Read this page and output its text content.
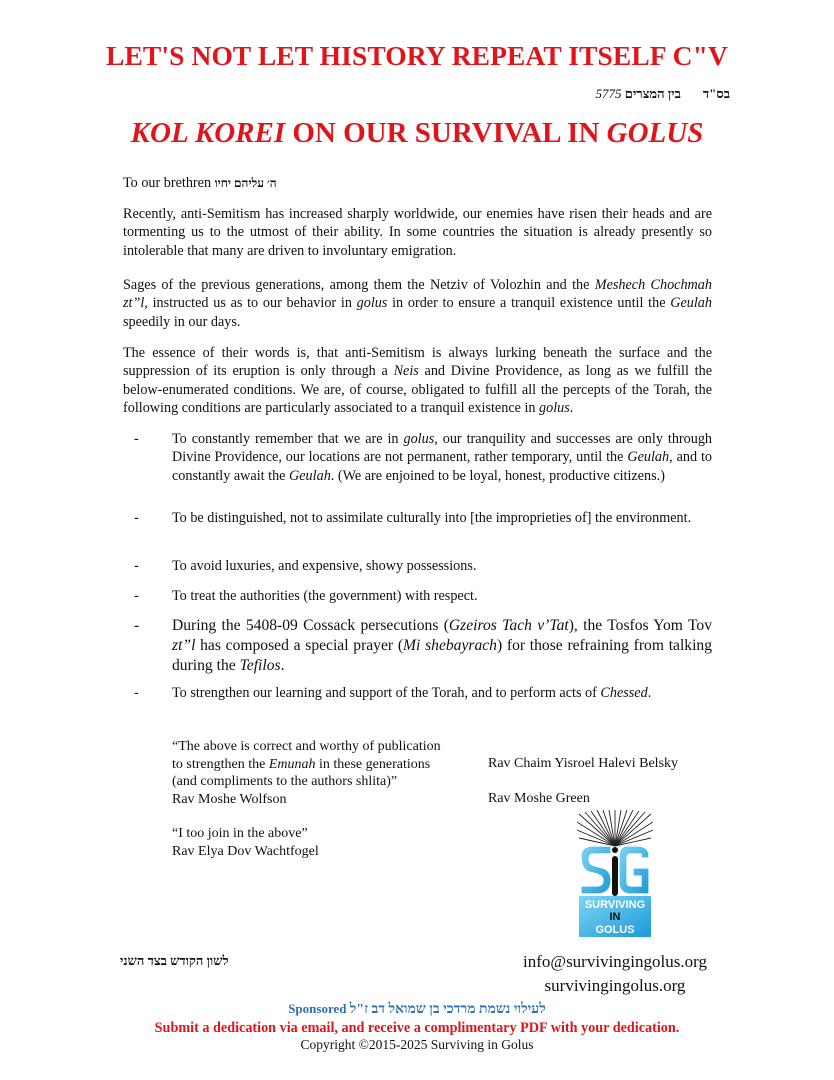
LET'S NOT LET HISTORY REPEAT ITSELF C"V
בס"דבין המצרים 5775
KOL KOREI ON OUR SURVIVAL IN GOLUS
To our brethren ה׳ עליהם יחיו
Recently, anti-Semitism has increased sharply worldwide, our enemies have risen their heads and are tormenting us to the utmost of their ability. In some countries the situation is already presently so intolerable that many are driven to involuntary emigration.
Sages of the previous generations, among them the Netziv of Volozhin and the Meshech Chochmah zt”l, instructed us as to our behavior in golus in order to ensure a tranquil existence until the Geulah speedily in our days.
The essence of their words is, that anti-Semitism is always lurking beneath the surface and the suppression of its eruption is only through a Neis and Divine Providence, as long as we fulfill the below-enumerated conditions. We are, of course, obligated to fulfill all the percepts of the Torah, the following conditions are particularly associated to a tranquil existence in golus.
- To constantly remember that we are in golus, our tranquility and successes are only through Divine Providence, our locations are not permanent, rather temporary, until the Geulah, and to constantly await the Geulah. (We are enjoined to be loyal, honest, productive citizens.)
- To be distinguished, not to assimilate culturally into [the improprieties of] the environment.
- To avoid luxuries, and expensive, showy possessions.
- To treat the authorities (the government) with respect.
- During the 5408-09 Cossack persecutions (Gzeiros Tach v’Tat), the Tosfos Yom Tov zt”l has composed a special prayer (Mi shebayrach) for those refraining from talking during the Tefilos.
- To strengthen our learning and support of the Torah, and to perform acts of Chessed.
“The above is correct and worthy of publication
to strengthen the Emunah in these generations
(and compliments to the authors shlita)”
Rav Moshe Wolfson
“I too join in the above”
Rav Elya Dov Wachtfogel
Rav Chaim Yisroel Halevi Belsky
Rav Moshe Green
SURVIVING
IN
GOLUS
לשון הקודש בצד השני	info@survivingingolus.org
survivingingolus.org
Sponsored לעילוי נשמת מרדכי בן שמואל דב ז"ל
Submit a dedication via email, and receive a complimentary PDF with your dedication.
Copyright ©2015-2025 Surviving in Golus
